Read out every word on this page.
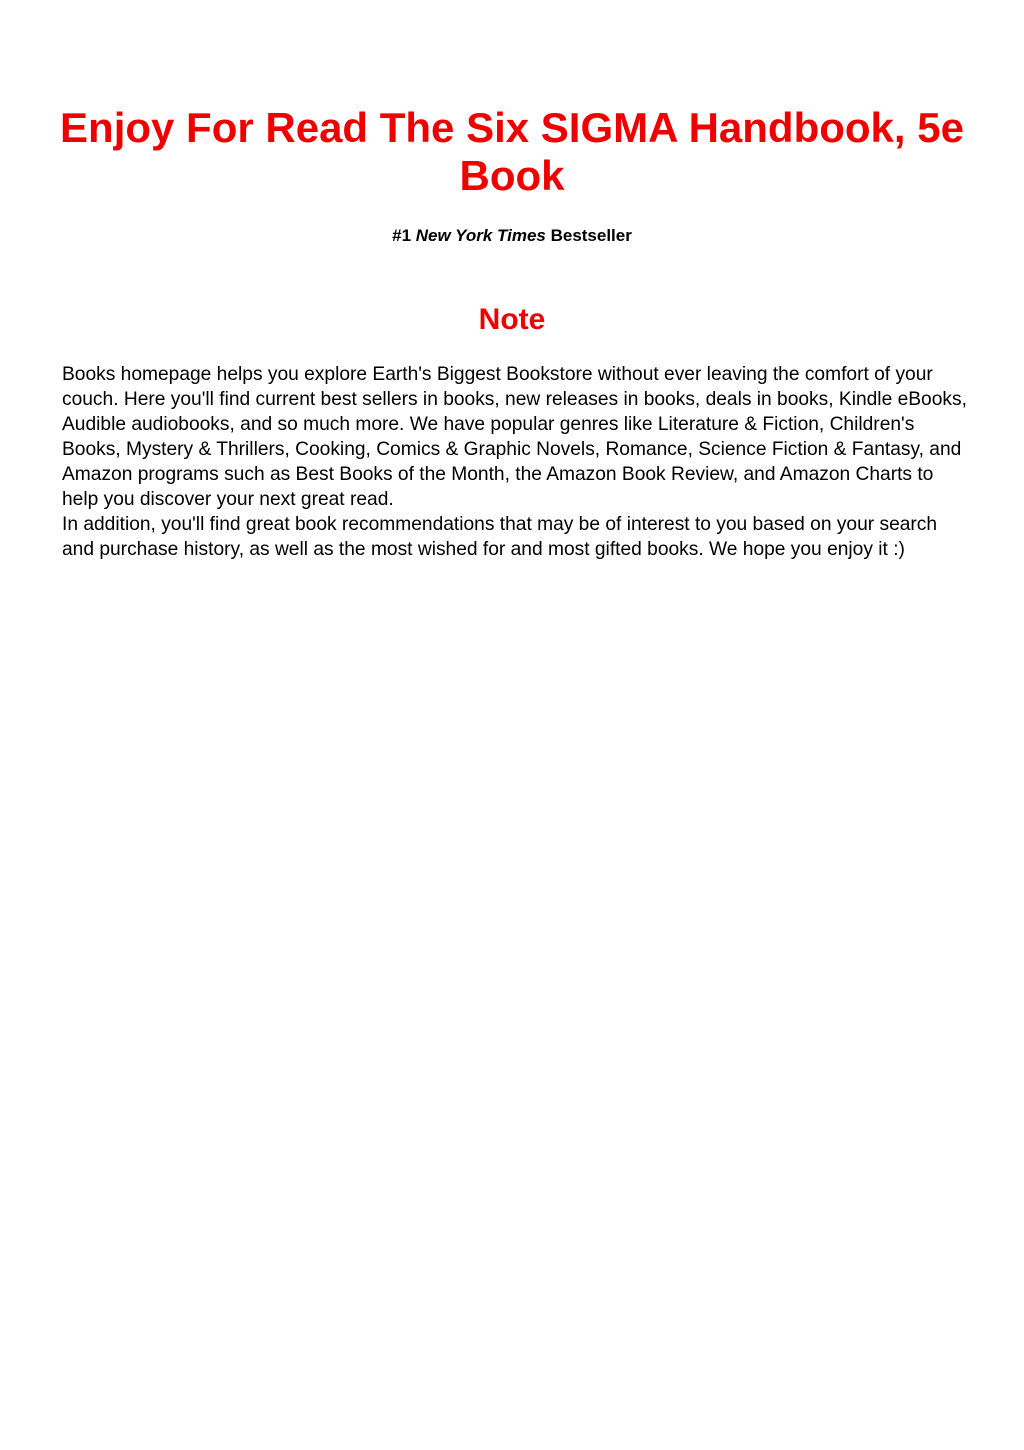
Enjoy For Read The Six SIGMA Handbook, 5e Book

#1 New York Times Bestseller

Note

Books homepage helps you explore Earth's Biggest Bookstore without ever leaving the comfort of your couch. Here you'll find current best sellers in books, new releases in books, deals in books, Kindle eBooks, Audible audiobooks, and so much more. We have popular genres like Literature & Fiction, Children's Books, Mystery & Thrillers, Cooking, Comics & Graphic Novels, Romance, Science Fiction & Fantasy, and Amazon programs such as Best Books of the Month, the Amazon Book Review, and Amazon Charts to help you discover your next great read.

In addition, you'll find great book recommendations that may be of interest to you based on your search and purchase history, as well as the most wished for and most gifted books. We hope you enjoy it :)
